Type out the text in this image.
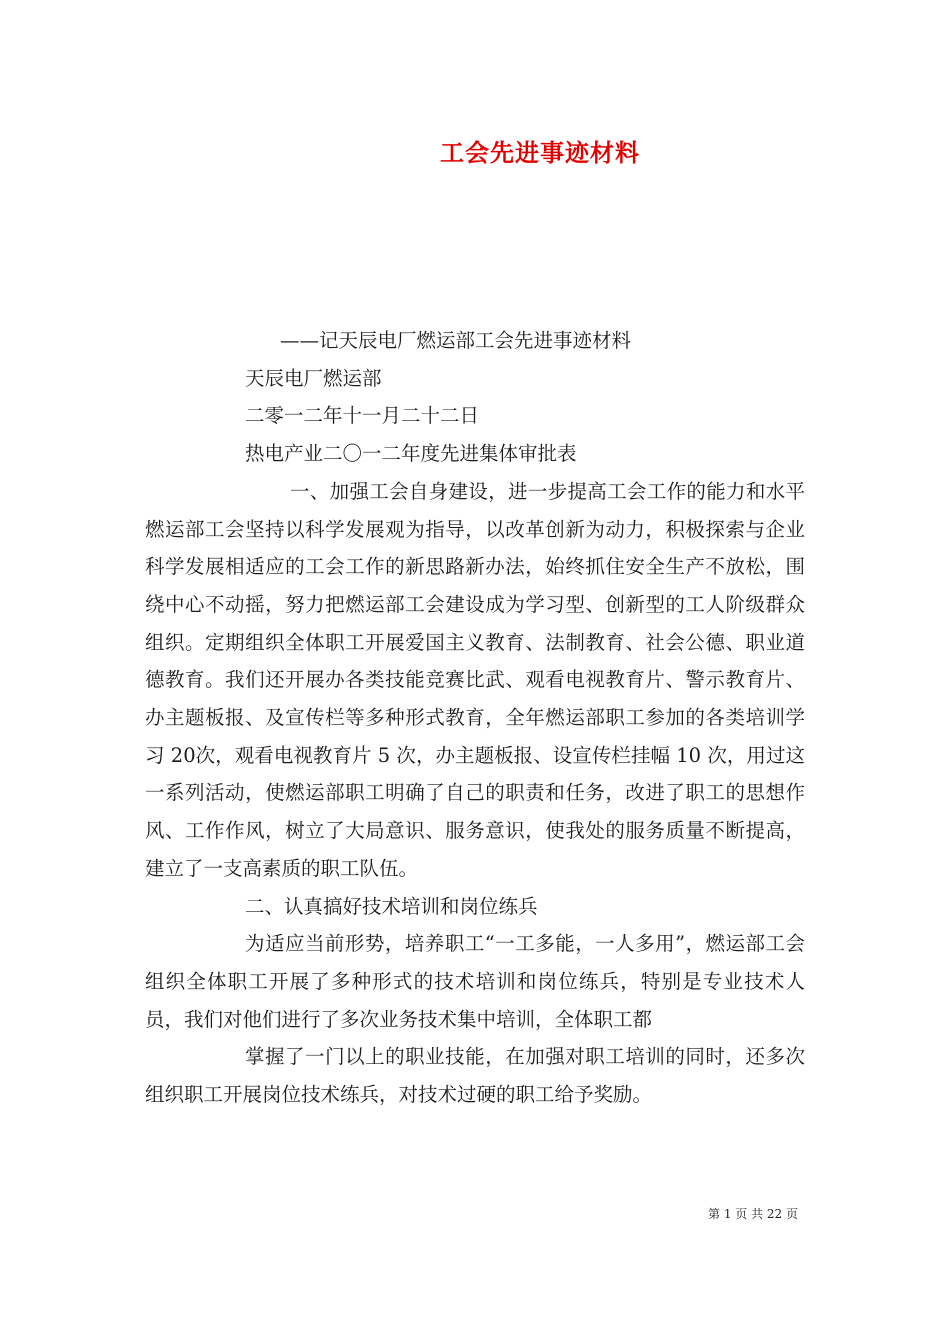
工会先进事迹材料

——记天辰电厂燃运部工会先进事迹材料

天辰电厂燃运部

二零一二年十一月二十二日

热电产业二〇一二年度先进集体审批表

一、加强工会自身建设，进一步提高工会工作的能力和水平燃运部工会坚持以科学发展观为指导，以改革创新为动力，积极探索与企业科学发展相适应的工会工作的新思路新办法，始终抓住安全生产不放松，围绕中心不动摇，努力把燃运部工会建设成为学习型、创新型的工人阶级群众组织。定期组织全体职工开展爱国主义教育、法制教育、社会公德、职业道德教育。我们还开展办各类技能竞赛比武、观看电视教育片、警示教育片、办主题板报、及宣传栏等多种形式教育，全年燃运部职工参加的各类培训学习 20次，观看电视教育片 5 次，办主题板报、设宣传栏挂幅 10 次，用过这一系列活动，使燃运部职工明确了自己的职责和任务，改进了职工的思想作风、工作作风，树立了大局意识、服务意识，使我处的服务质量不断提高，建立了一支高素质的职工队伍。

二、认真搞好技术培训和岗位练兵

为适应当前形势，培养职工“一工多能，一人多用”，燃运部工会组织全体职工开展了多种形式的技术培训和岗位练兵，特别是专业技术人员，我们对他们进行了多次业务技术集中培训，全体职工都

掌握了一门以上的职业技能，在加强对职工培训的同时，还多次组织职工开展岗位技术练兵，对技术过硬的职工给予奖励。

第 1 页 共 22 页
